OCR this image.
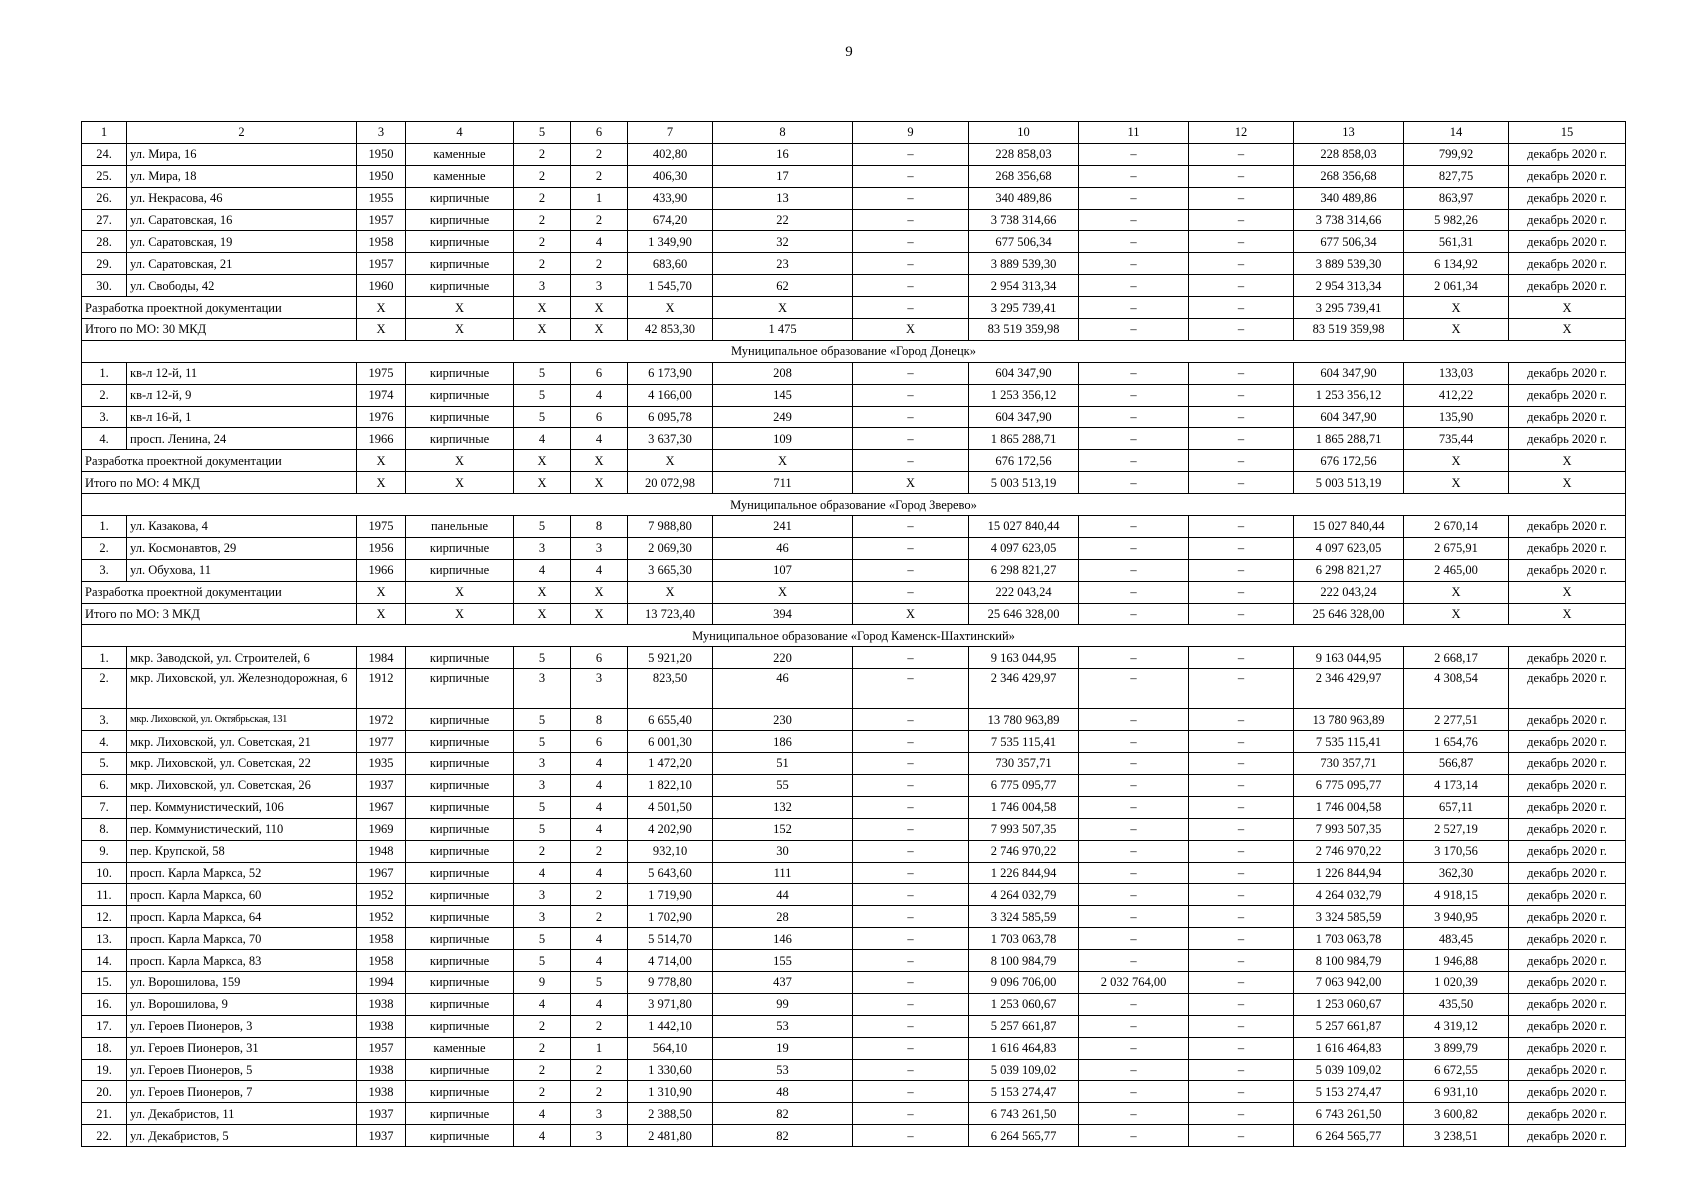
9
1	2	3	4	5	6	7	8	9	10	11	12	13	14	15
24.	ул. Мира, 16	1950	каменные	2	2	402,80	16	–	228 858,03	–	–	228 858,03	799,92	декабрь 2020 г.
25.	ул. Мира, 18	1950	каменные	2	2	406,30	17	–	268 356,68	–	–	268 356,68	827,75	декабрь 2020 г.
26.	ул. Некрасова, 46	1955	кирпичные	2	1	433,90	13	–	340 489,86	–	–	340 489,86	863,97	декабрь 2020 г.
27.	ул. Саратовская, 16	1957	кирпичные	2	2	674,20	22	–	3 738 314,66	–	–	3 738 314,66	5 982,26	декабрь 2020 г.
28.	ул. Саратовская, 19	1958	кирпичные	2	4	1 349,90	32	–	677 506,34	–	–	677 506,34	561,31	декабрь 2020 г.
29.	ул. Саратовская, 21	1957	кирпичные	2	2	683,60	23	–	3 889 539,30	–	–	3 889 539,30	6 134,92	декабрь 2020 г.
30.	ул. Свободы, 42	1960	кирпичные	3	3	1 545,70	62	–	2 954 313,34	–	–	2 954 313,34	2 061,34	декабрь 2020 г.
Разработка проектной документации		X	X	X	X	X	X	–	3 295 739,41	–	–	3 295 739,41	X	X
Итого по МО: 30 МКД		X	X	X	X	42 853,30	1 475	X	83 519 359,98	–	–	83 519 359,98	X	X
Муниципальное образование «Город Донецк»														
1.	кв-л 12-й, 11	1975	кирпичные	5	6	6 173,90	208	–	604 347,90	–	–	604 347,90	133,03	декабрь 2020 г.
2.	кв-л 12-й, 9	1974	кирпичные	5	4	4 166,00	145	–	1 253 356,12	–	–	1 253 356,12	412,22	декабрь 2020 г.
3.	кв-л 16-й, 1	1976	кирпичные	5	6	6 095,78	249	–	604 347,90	–	–	604 347,90	135,90	декабрь 2020 г.
4.	просп. Ленина, 24	1966	кирпичные	4	4	3 637,30	109	–	1 865 288,71	–	–	1 865 288,71	735,44	декабрь 2020 г.
Разработка проектной документации		X	X	X	X	X	X	–	676 172,56	–	–	676 172,56	X	X
Итого по МО: 4 МКД		X	X	X	X	20 072,98	711	X	5 003 513,19	–	–	5 003 513,19	X	X
Муниципальное образование «Город Зверево»														
1.	ул. Казакова, 4	1975	панельные	5	8	7 988,80	241	–	15 027 840,44	–	–	15 027 840,44	2 670,14	декабрь 2020 г.
2.	ул. Космонавтов, 29	1956	кирпичные	3	3	2 069,30	46	–	4 097 623,05	–	–	4 097 623,05	2 675,91	декабрь 2020 г.
3.	ул. Обухова, 11	1966	кирпичные	4	4	3 665,30	107	–	6 298 821,27	–	–	6 298 821,27	2 465,00	декабрь 2020 г.
Разработка проектной документации		X	X	X	X	X	X	–	222 043,24	–	–	222 043,24	X	X
Итого по МО: 3 МКД		X	X	X	X	13 723,40	394	X	25 646 328,00	–	–	25 646 328,00	X	X
Муниципальное образование «Город Каменск-Шахтинский»														
1.	мкр. Заводской, ул. Строителей, 6	1984	кирпичные	5	6	5 921,20	220	–	9 163 044,95	–	–	9 163 044,95	2 668,17	декабрь 2020 г.
2.	мкр. Лиховской, ул. Железнодорожная, 6	1912	кирпичные	3	3	823,50	46	–	2 346 429,97	–	–	2 346 429,97	4 308,54	декабрь 2020 г.
3.	мкр. Лиховской, ул. Октябрьская, 131	1972	кирпичные	5	8	6 655,40	230	–	13 780 963,89	–	–	13 780 963,89	2 277,51	декабрь 2020 г.
4.	мкр. Лиховской, ул. Советская, 21	1977	кирпичные	5	6	6 001,30	186	–	7 535 115,41	–	–	7 535 115,41	1 654,76	декабрь 2020 г.
5.	мкр. Лиховской, ул. Советская, 22	1935	кирпичные	3	4	1 472,20	51	–	730 357,71	–	–	730 357,71	566,87	декабрь 2020 г.
6.	мкр. Лиховской, ул. Советская, 26	1937	кирпичные	3	4	1 822,10	55	–	6 775 095,77	–	–	6 775 095,77	4 173,14	декабрь 2020 г.
7.	пер. Коммунистический, 106	1967	кирпичные	5	4	4 501,50	132	–	1 746 004,58	–	–	1 746 004,58	657,11	декабрь 2020 г.
8.	пер. Коммунистический, 110	1969	кирпичные	5	4	4 202,90	152	–	7 993 507,35	–	–	7 993 507,35	2 527,19	декабрь 2020 г.
9.	пер. Крупской, 58	1948	кирпичные	2	2	932,10	30	–	2 746 970,22	–	–	2 746 970,22	3 170,56	декабрь 2020 г.
10.	просп. Карла Маркса, 52	1967	кирпичные	4	4	5 643,60	111	–	1 226 844,94	–	–	1 226 844,94	362,30	декабрь 2020 г.
11.	просп. Карла Маркса, 60	1952	кирпичные	3	2	1 719,90	44	–	4 264 032,79	–	–	4 264 032,79	4 918,15	декабрь 2020 г.
12.	просп. Карла Маркса, 64	1952	кирпичные	3	2	1 702,90	28	–	3 324 585,59	–	–	3 324 585,59	3 940,95	декабрь 2020 г.
13.	просп. Карла Маркса, 70	1958	кирпичные	5	4	5 514,70	146	–	1 703 063,78	–	–	1 703 063,78	483,45	декабрь 2020 г.
14.	просп. Карла Маркса, 83	1958	кирпичные	5	4	4 714,00	155	–	8 100 984,79	–	–	8 100 984,79	1 946,88	декабрь 2020 г.
15.	ул. Ворошилова, 159	1994	кирпичные	9	5	9 778,80	437	–	9 096 706,00	2 032 764,00	–	7 063 942,00	1 020,39	декабрь 2020 г.
16.	ул. Ворошилова, 9	1938	кирпичные	4	4	3 971,80	99	–	1 253 060,67	–	–	1 253 060,67	435,50	декабрь 2020 г.
17.	ул. Героев Пионеров, 3	1938	кирпичные	2	2	1 442,10	53	–	5 257 661,87	–	–	5 257 661,87	4 319,12	декабрь 2020 г.
18.	ул. Героев Пионеров, 31	1957	каменные	2	1	564,10	19	–	1 616 464,83	–	–	1 616 464,83	3 899,79	декабрь 2020 г.
19.	ул. Героев Пионеров, 5	1938	кирпичные	2	2	1 330,60	53	–	5 039 109,02	–	–	5 039 109,02	6 672,55	декабрь 2020 г.
20.	ул. Героев Пионеров, 7	1938	кирпичные	2	2	1 310,90	48	–	5 153 274,47	–	–	5 153 274,47	6 931,10	декабрь 2020 г.
21.	ул. Декабристов, 11	1937	кирпичные	4	3	2 388,50	82	–	6 743 261,50	–	–	6 743 261,50	3 600,82	декабрь 2020 г.
22.	ул. Декабристов, 5	1937	кирпичные	4	3	2 481,80	82	–	6 264 565,77	–	–	6 264 565,77	3 238,51	декабрь 2020 г.
